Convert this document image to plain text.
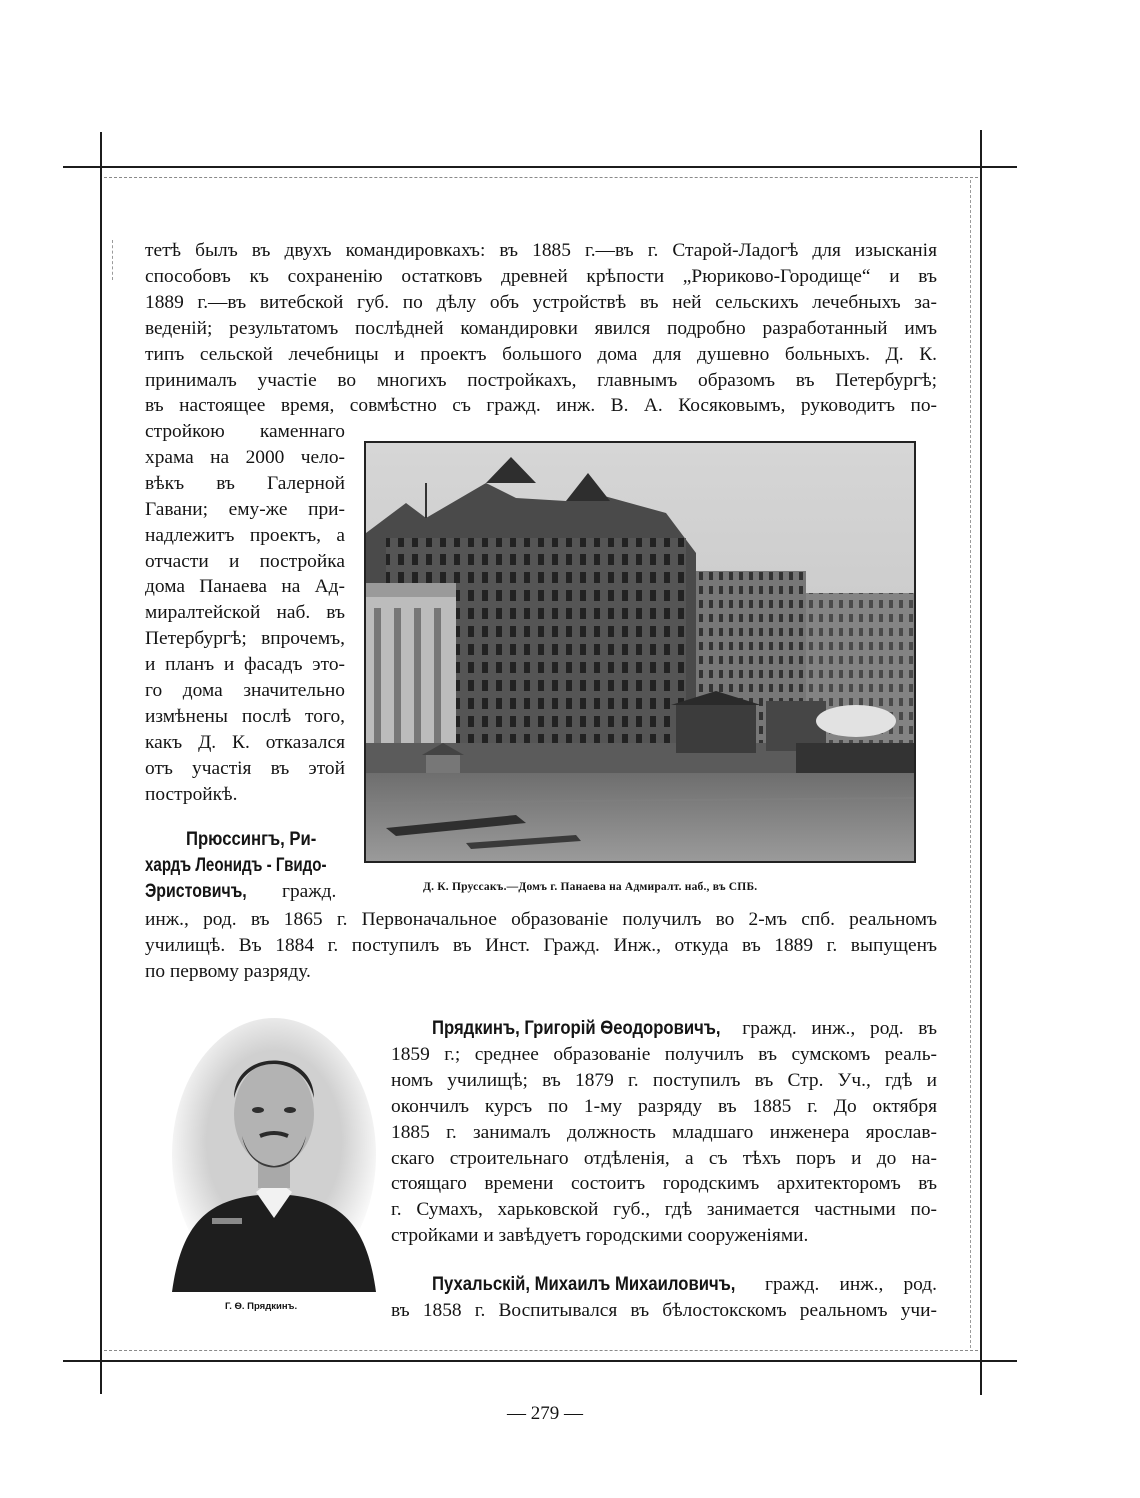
тетѣ былъ въ двухъ командировкахъ: въ 1885 г.—въ г. Старой-Ладогѣ для изысканія
способовъ къ сохраненію остатковъ древней крѣпости „Рюриково-Городище“ и въ
1889 г.—въ витебской губ. по дѣлу объ устройствѣ въ ней сельскихъ лечебныхъ за-
веденій; результатомъ послѣдней командировки явился подробно разработанный имъ
типъ сельской лечебницы и проектъ большого дома для душевно больныхъ. Д. К.
принималъ участіе во многихъ постройкахъ, главнымъ образомъ въ Петербургѣ;
въ настоящее время, совмѣстно съ гражд. инж. В. А. Косяковымъ, руководитъ по-
стройкою каменнаго
храма на 2000 чело-
вѣкъ въ Галерной
Гавани; ему-же при-
надлежитъ проектъ, а
отчасти и постройка
дома Панаева на Ад-
миралтейской наб. въ
Петербургѣ; впрочемъ,
и планъ и фасадъ это-
го дома значительно
измѣнены послѣ того,
какъ Д. К. отказался
отъ участія въ этой
постройкѣ.
Д. К. Пруссакъ.—Домъ г. Панаева на Адмиралт. наб., въ СПБ.
Прюссингъ, Ри-
хардъ Леонидъ - Гвидо-
Эристовичъ,	гражд.
инж., род. въ 1865 г. Первоначальное образованіе получилъ во 2-мъ спб. реальномъ
училищѣ. Въ 1884 г. поступилъ въ Инст. Гражд. Инж., откуда въ 1889 г. выпущенъ
по первому разряду.
Г. Ѳ. Прядкинъ.
Прядкинъ, Григорій Ѳеодоровичъ, гражд. инж., род. въ
1859 г.; среднее образованіе получилъ въ сумскомъ реаль-
номъ училищѣ; въ 1879 г. поступилъ въ Стр. Уч., гдѣ и
окончилъ курсъ по 1-му разряду въ 1885 г. До октября
1885 г. занималъ должность младшаго инженера ярослав-
скаго строительнаго отдѣленія, а съ тѣхъ поръ и до на-
стоящаго времени состоитъ городскимъ архитекторомъ въ
г. Сумахъ, харьковской губ., гдѣ занимается частными по-
стройками и завѣдуетъ городскими сооруженіями.
Пухальскій, Михаилъ Михаиловичъ, гражд. инж., род.
въ 1858 г. Воспитывался въ бѣлостокскомъ реальномъ учи-
— 279 —
